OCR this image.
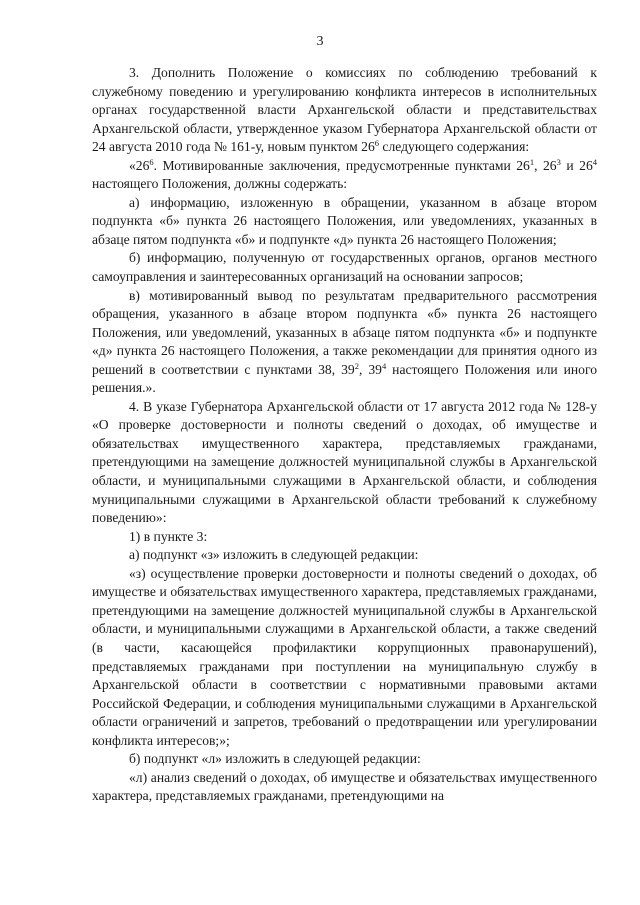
3

3. Дополнить Положение о комиссиях по соблюдению требований к служебному поведению и урегулированию конфликта интересов в исполнительных органах государственной власти Архангельской области и представительствах Архангельской области, утвержденное указом Губернатора Архангельской области от 24 августа 2010 года № 161-у, новым пунктом $26^6$ следующего содержания:

«$26^6$. Мотивированные заключения, предусмотренные пунктами $26^1$, $26^3$ и $26^4$ настоящего Положения, должны содержать:

а) информацию, изложенную в обращении, указанном в абзаце втором подпункта «б» пункта 26 настоящего Положения, или уведомлениях, указанных в абзаце пятом подпункта «б» и подпункте «д» пункта 26 настоящего Положения;

б) информацию, полученную от государственных органов, органов местного самоуправления и заинтересованных организаций на основании запросов;

в) мотивированный вывод по результатам предварительного рассмотрения обращения, указанного в абзаце втором подпункта «б» пункта 26 настоящего Положения, или уведомлений, указанных в абзаце пятом подпункта «б» и подпункте «д» пункта 26 настоящего Положения, а также рекомендации для принятия одного из решений в соответствии с пунктами 38, $39^2$, $39^4$ настоящего Положения или иного решения.».

4. В указе Губернатора Архангельской области от 17 августа 2012 года № 128-у «О проверке достоверности и полноты сведений о доходах, об имуществе и обязательствах имущественного характера, представляемых гражданами, претендующими на замещение должностей муниципальной службы в Архангельской области, и муниципальными служащими в Архангельской области, и соблюдения муниципальными служащими в Архангельской области требований к служебному поведению»:

1) в пункте 3:

а) подпункт «з» изложить в следующей редакции:

«з) осуществление проверки достоверности и полноты сведений о доходах, об имуществе и обязательствах имущественного характера, представляемых гражданами, претендующими на замещение должностей муниципальной службы в Архангельской области, и муниципальными служащими в Архангельской области, а также сведений (в части, касающейся профилактики коррупционных правонарушений), представляемых гражданами при поступлении на муниципальную службу в Архангельской области в соответствии с нормативными правовыми актами Российской Федерации, и соблюдения муниципальными служащими в Архангельской области ограничений и запретов, требований о предотвращении или урегулировании конфликта интересов;»;

б) подпункт «л» изложить в следующей редакции:

«л) анализ сведений о доходах, об имуществе и обязательствах имущественного характера, представляемых гражданами, претендующими на
